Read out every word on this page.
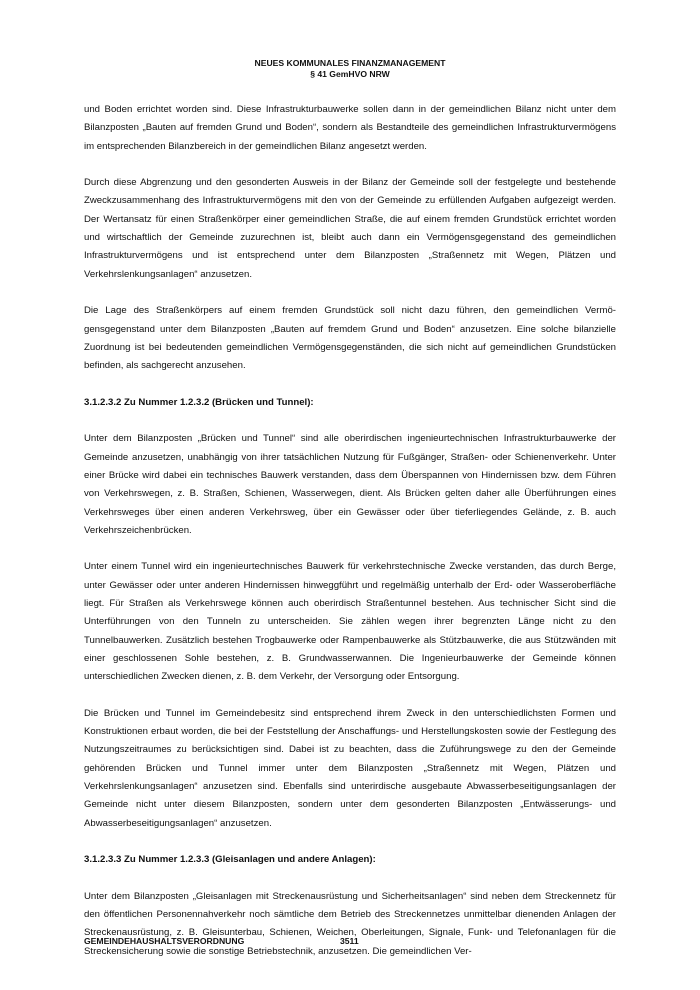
NEUES KOMMUNALES FINANZMANAGEMENT
§ 41 GemHVO NRW

und Boden errichtet worden sind. Diese Infrastrukturbauwerke sollen dann in der gemeindlichen Bilanz nicht unter dem Bilanzposten „Bauten auf fremden Grund und Boden“, sondern als Bestandteile des gemeindlichen Infrastrukturvermögens im entsprechenden Bilanzbereich in der gemeindlichen Bilanz angesetzt werden.

Durch diese Abgrenzung und den gesonderten Ausweis in der Bilanz der Gemeinde soll der festgelegte und bestehende Zweckzusammenhang des Infrastrukturvermögens mit den von der Gemeinde zu erfüllenden Aufgaben aufgezeigt werden. Der Wertansatz für einen Straßenkörper einer gemeindlichen Straße, die auf einem fremden Grundstück errichtet worden und wirtschaftlich der Gemeinde zuzurechnen ist, bleibt auch dann ein Vermögensgegenstand des gemeindlichen Infrastrukturvermögens und ist entsprechend unter dem Bilanzposten „Straßennetz mit Wegen, Plätzen und Verkehrslenkungsanlagen“ anzusetzen.

Die Lage des Straßenkörpers auf einem fremden Grundstück soll nicht dazu führen, den gemeindlichen Vermögensgegenstand unter dem Bilanzposten „Bauten auf fremdem Grund und Boden“ anzusetzen. Eine solche bilanzielle Zuordnung ist bei bedeutenden gemeindlichen Vermögensgegenständen, die sich nicht auf gemeindlichen Grundstücken befinden, als sachgerecht anzusehen.

3.1.2.3.2 Zu Nummer 1.2.3.2 (Brücken und Tunnel):

Unter dem Bilanzposten „Brücken und Tunnel“ sind alle oberirdischen ingenieurtechnischen Infrastrukturbauwerke der Gemeinde anzusetzen, unabhängig von ihrer tatsächlichen Nutzung für Fußgänger, Straßen- oder Schienenverkehr. Unter einer Brücke wird dabei ein technisches Bauwerk verstanden, dass dem Überspannen von Hindernissen bzw. dem Führen von Verkehrswegen, z. B. Straßen, Schienen, Wasserwegen, dient. Als Brücken gelten daher alle Überführungen eines Verkehrsweges über einen anderen Verkehrsweg, über ein Gewässer oder über tieferliegendes Gelände, z. B. auch Verkehrszeichenbrücken.

Unter einem Tunnel wird ein ingenieurtechnisches Bauwerk für verkehrstechnische Zwecke verstanden, das durch Berge, unter Gewässer oder unter anderen Hindernissen hinweggführt und regelmäßig unterhalb der Erd- oder Wasseroberfläche liegt. Für Straßen als Verkehrswege können auch oberirdisch Straßentunnel bestehen. Aus technischer Sicht sind die Unterführungen von den Tunneln zu unterscheiden. Sie zählen wegen ihrer begrenzten Länge nicht zu den Tunnelbauwerken. Zusätzlich bestehen Trogbauwerke oder Rampenbauwerke als Stützbauwerke, die aus Stützwänden mit einer geschlossenen Sohle bestehen, z. B. Grundwasserwannen. Die Ingenieurbauwerke der Gemeinde können unterschiedlichen Zwecken dienen, z. B. dem Verkehr, der Versorgung oder Entsorgung.

Die Brücken und Tunnel im Gemeindebesitz sind entsprechend ihrem Zweck in den unterschiedlichsten Formen und Konstruktionen erbaut worden, die bei der Feststellung der Anschaffungs- und Herstellungskosten sowie der Festlegung des Nutzungszeitraumes zu berücksichtigen sind. Dabei ist zu beachten, dass die Zuführungswege zu den der Gemeinde gehörenden Brücken und Tunnel immer unter dem Bilanzposten „Straßennetz mit Wegen, Plätzen und Verkehrslenkungsanlagen“ anzusetzen sind. Ebenfalls sind unterirdische ausgebaute Abwasserbeseitigungsanlagen der Gemeinde nicht unter diesem Bilanzposten, sondern unter dem gesonderten Bilanzposten „Entwässerungs- und Abwasserbeseitigungsanlagen“ anzusetzen.

3.1.2.3.3 Zu Nummer 1.2.3.3 (Gleisanlagen und andere Anlagen):

Unter dem Bilanzposten „Gleisanlagen mit Streckenausrüstung und Sicherheitsanlagen“ sind neben dem Streckennetz für den öffentlichen Personennahverkehr noch sämtliche dem Betrieb des Streckennetzes unmittelbar dienenden Anlagen der Streckenausrüstung, z. B. Gleisunterbau, Schienen, Weichen, Oberleitungen, Signale, Funk- und Telefonanlagen für die Streckensicherung sowie die sonstige Betriebstechnik, anzusetzen. Die gemeindlichen Ver-

GEMEINDEHAUSHALTSVERORDNUNG	3511
